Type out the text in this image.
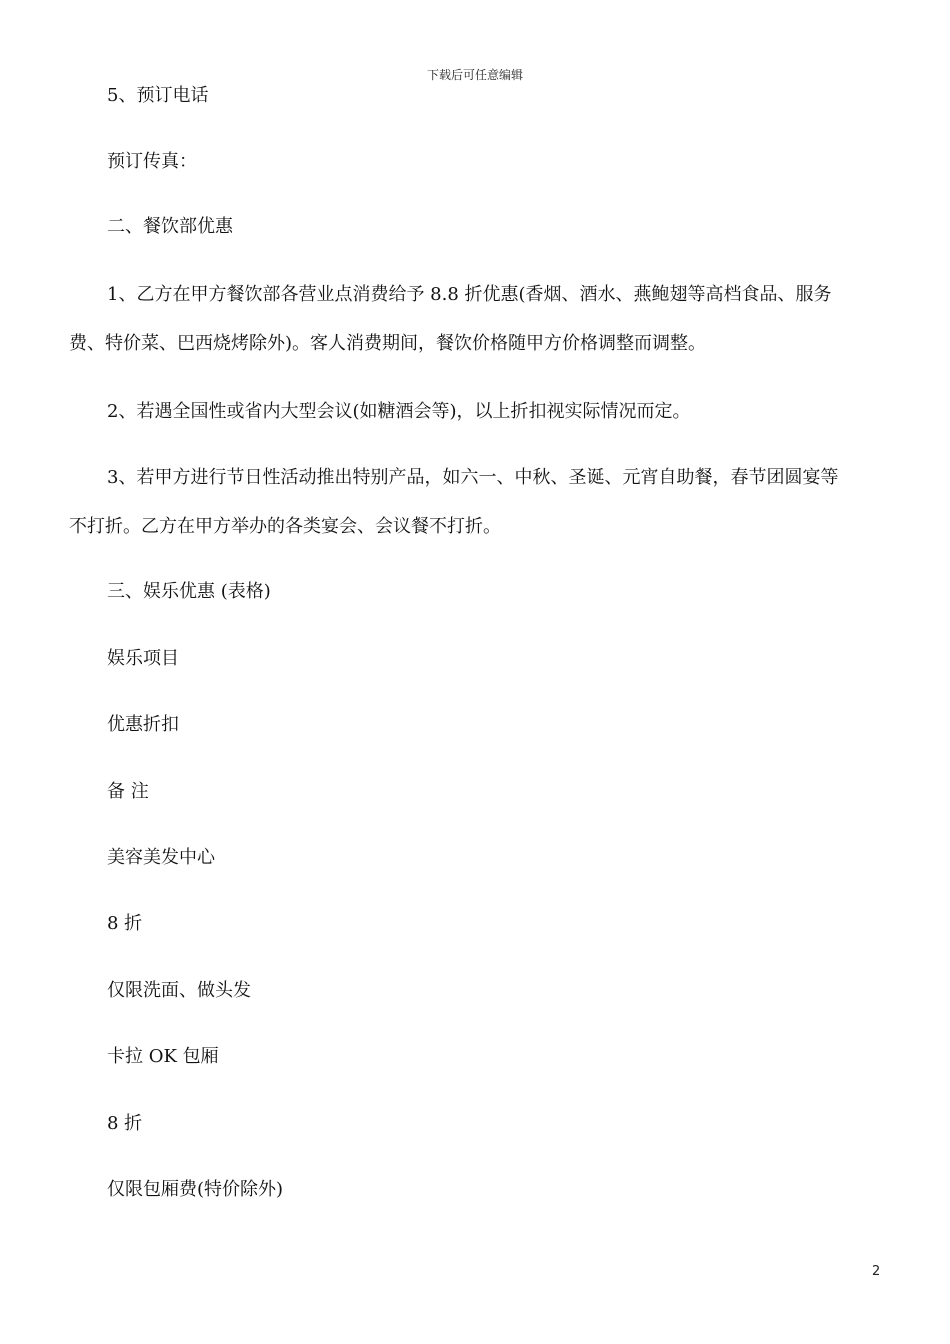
下载后可任意编辑
5、预订电话
预订传真：
二、餐饮部优惠
1、乙方在甲方餐饮部各营业点消费给予 8.8 折优惠(香烟、酒水、燕鲍翅等高档食品、服务
费、特价菜、巴西烧烤除外)。客人消费期间，餐饮价格随甲方价格调整而调整。
2、若遇全国性或省内大型会议(如糖酒会等)，以上折扣视实际情况而定。
3、若甲方进行节日性活动推出特别产品，如六一、中秋、圣诞、元宵自助餐，春节团圆宴等
不打折。乙方在甲方举办的各类宴会、会议餐不打折。
三、娱乐优惠 (表格)
娱乐项目
优惠折扣
备 注
美容美发中心
8 折
仅限洗面、做头发
卡拉 OK 包厢
8 折
仅限包厢费(特价除外)
2
